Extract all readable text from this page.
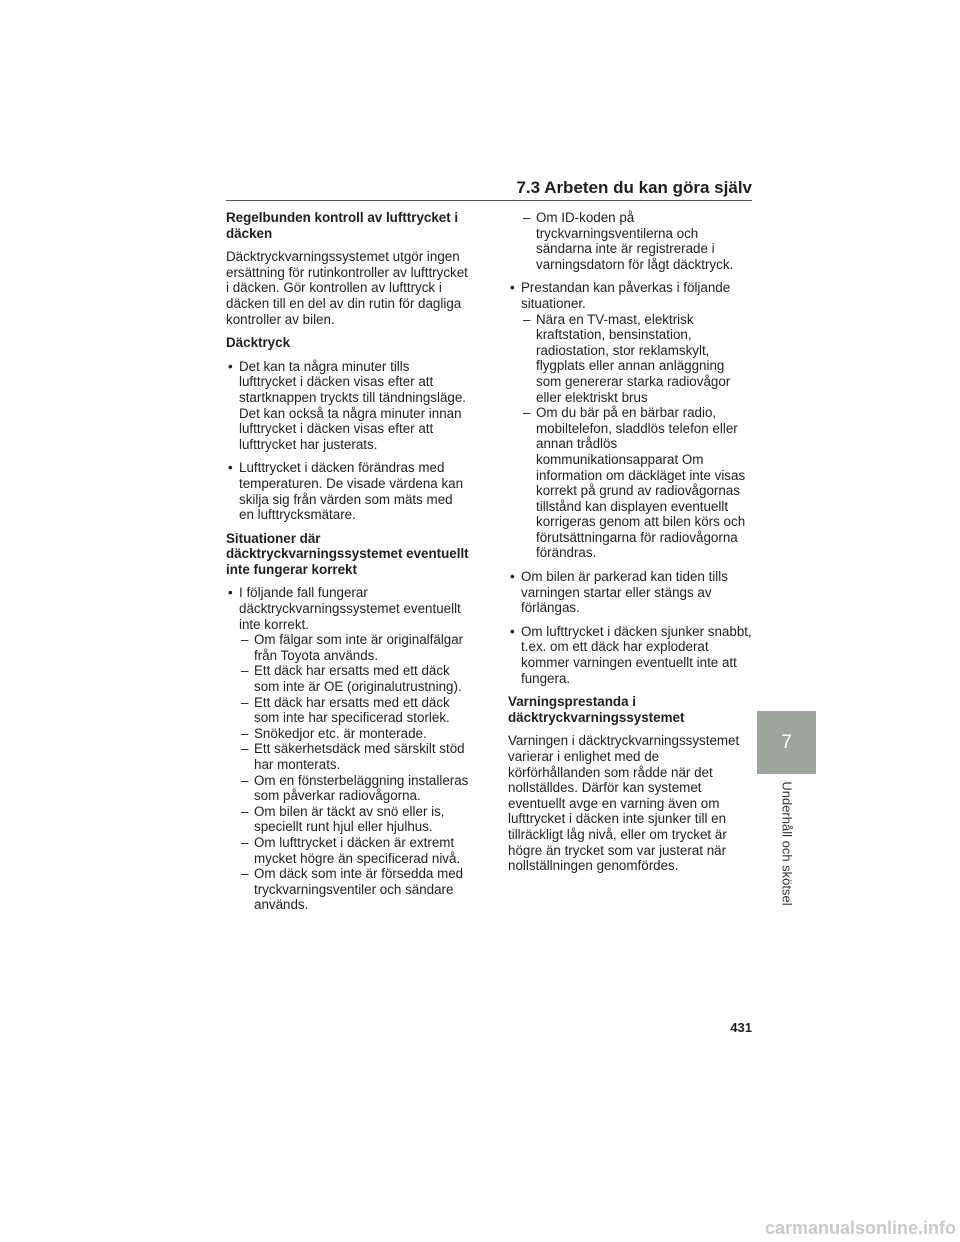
7.3 Arbeten du kan göra själv
Regelbunden kontroll av lufttrycket i däcken
Däcktryckvarningssystemet utgör ingen ersättning för rutinkontroller av lufttrycket i däcken. Gör kontrollen av lufttryck i däcken till en del av din rutin för dagliga kontroller av bilen.
Däcktryck
• Det kan ta några minuter tills lufttrycket i däcken visas efter att startknappen tryckts till tändningsläge. Det kan också ta några minuter innan lufttrycket i däcken visas efter att lufttrycket har justerats.
• Lufttrycket i däcken förändras med temperaturen. De visade värdena kan skilja sig från värden som mäts med en lufttrycksmätare.
Situationer där däcktryckvarningssystemet eventuellt inte fungerar korrekt
• I följande fall fungerar däcktryckvarningssystemet eventuellt inte korrekt.
– Om fälgar som inte är originalfälgar från Toyota används.
– Ett däck har ersatts med ett däck som inte är OE (originalutrustning).
– Ett däck har ersatts med ett däck som inte har specificerad storlek.
– Snökedjor etc. är monterade.
– Ett säkerhetsdäck med särskilt stöd har monterats.
– Om en fönsterbeläggning installeras som påverkar radiovågorna.
– Om bilen är täckt av snö eller is, speciellt runt hjul eller hjulhus.
– Om lufttrycket i däcken är extremt mycket högre än specificerad nivå.
– Om däck som inte är försedda med tryckvarningsventiler och sändare används.
– Om ID-koden på tryckvarningsventilerna och sändarna inte är registrerade i varningsdatorn för lågt däcktryck.
• Prestandan kan påverkas i följande situationer.
– Nära en TV-mast, elektrisk kraftstation, bensinstation, radiostation, stor reklamskylt, flygplats eller annan anläggning som genererar starka radiovågor eller elektriskt brus
– Om du bär på en bärbar radio, mobiltelefon, sladdlös telefon eller annan trådlös kommunikationsapparat Om information om däckläget inte visas korrekt på grund av radiovågornas tillstånd kan displayen eventuellt korrigeras genom att bilen körs och förutsättningarna för radiovågorna förändras.
• Om bilen är parkerad kan tiden tills varningen startar eller stängs av förlängas.
• Om lufttrycket i däcken sjunker snabbt, t.ex. om ett däck har exploderat kommer varningen eventuellt inte att fungera.
Varningsprestanda i däcktryckvarningssystemet
Varningen i däcktryckvarningssystemet varierar i enlighet med de körförhållanden som rådde när det nollställdes. Därför kan systemet eventuellt avge en varning även om lufttrycket i däcken inte sjunker till en tillräckligt låg nivå, eller om trycket är högre än trycket som var justerat när nollställningen genomfördes.
7
Underhåll och skötsel
431
carmanualsonline.info
